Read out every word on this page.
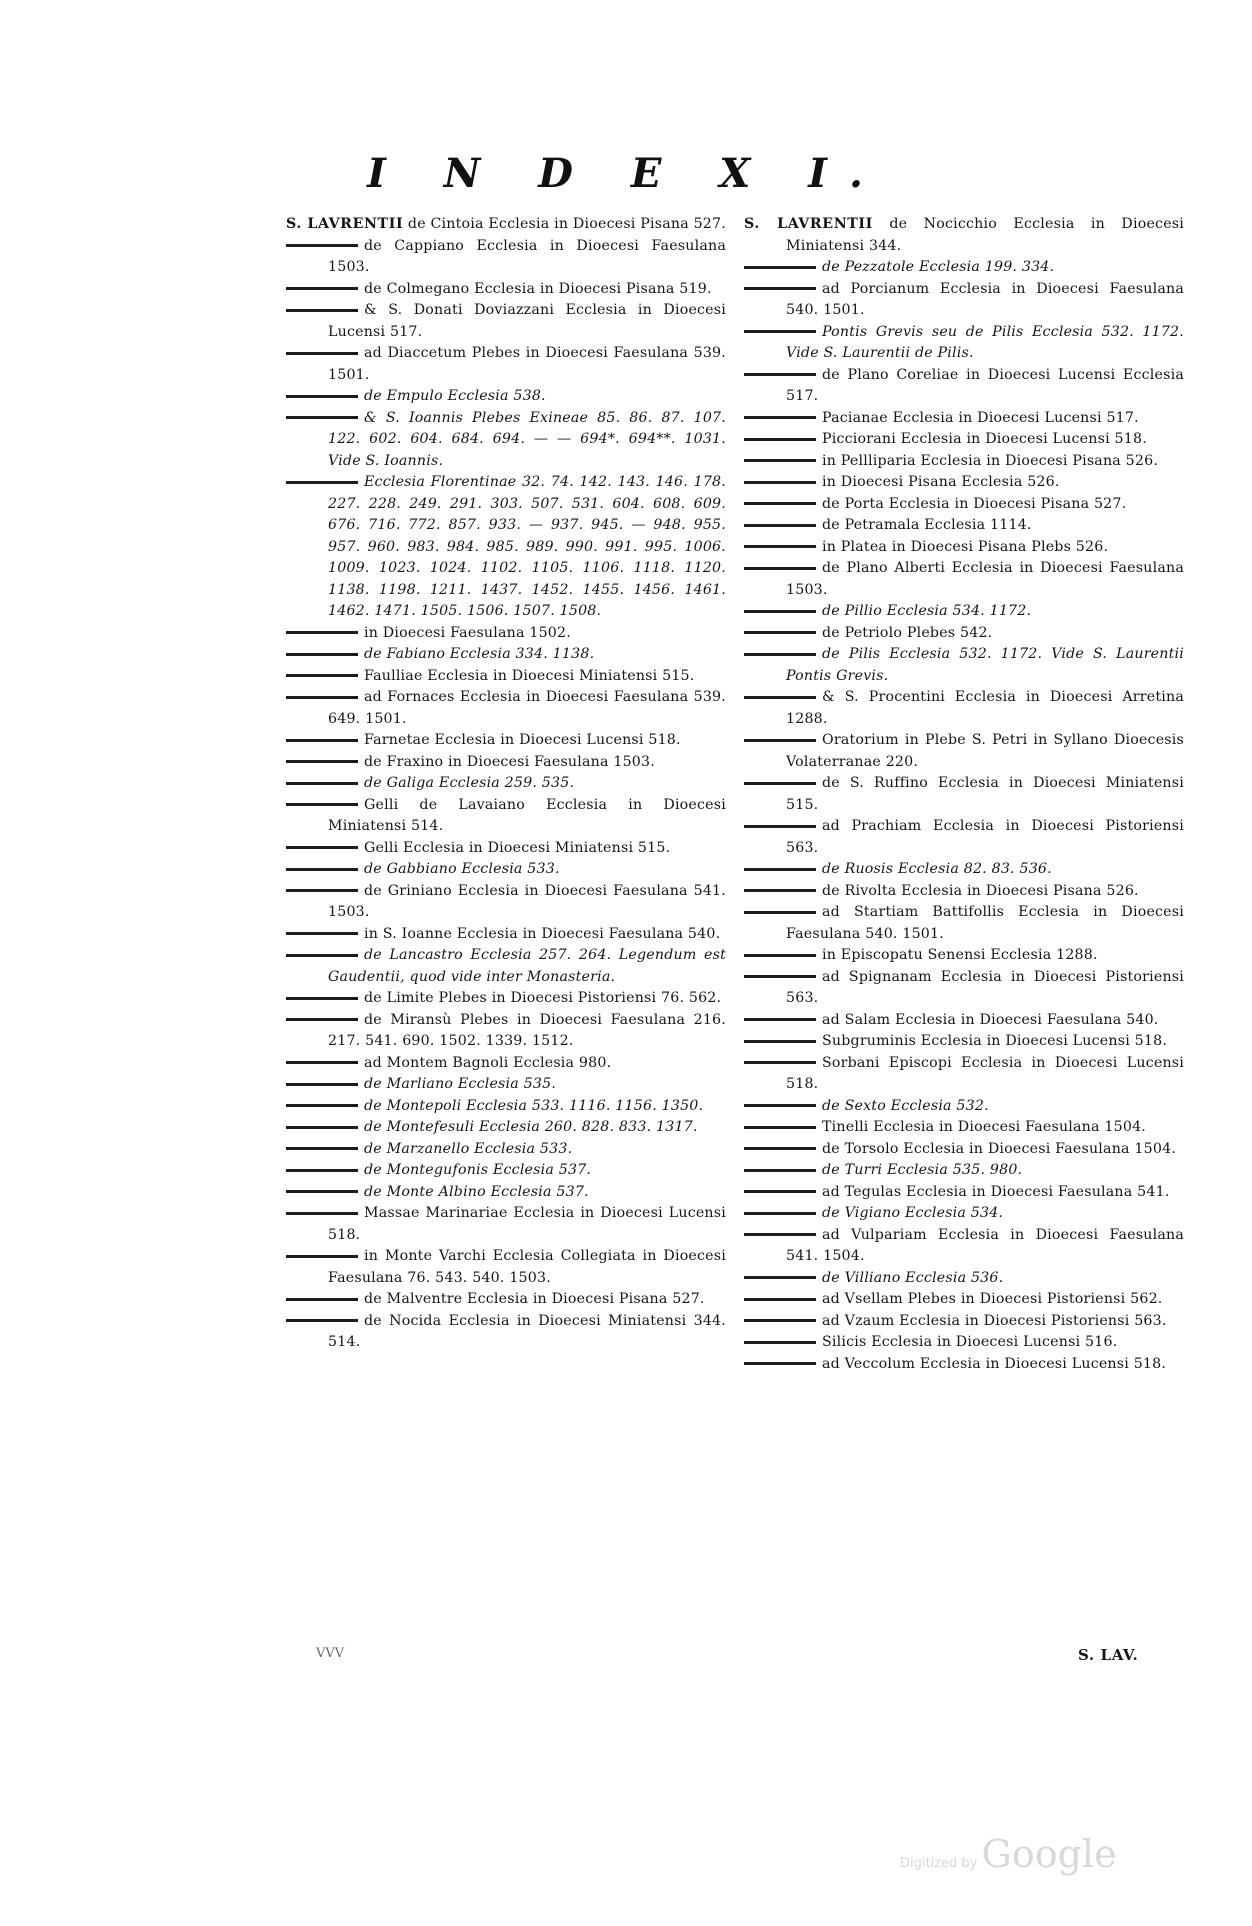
I N D E X I.

S. LAVRENTII de Cintoia Ecclesia in Dioecesi Pisana 527.

de Cappiano Ecclesia in Dioecesi Faesulana 1503.

de Colmegano Ecclesia in Dioecesi Pisana 519.

& S. Donati Doviazzani Ecclesia in Dioecesi Lucensi 517.

ad Diaccetum Plebes in Dioecesi Faesulana 539. 1501.

de Empulo Ecclesia 538.

& S. Ioannis Plebes Exineae 85. 86. 87. 107. 122. 602. 604. 684. 694. — — 694*. 694**. 1031. Vide S. Ioannis.

Ecclesia Florentinae 32. 74. 142. 143. 146. 178. 227. 228. 249. 291. 303. 507. 531. 604. 608. 609. 676. 716. 772. 857. 933. — 937. 945. — 948. 955. 957. 960. 983. 984. 985. 989. 990. 991. 995. 1006. 1009. 1023. 1024. 1102. 1105. 1106. 1118. 1120. 1138. 1198. 1211. 1437. 1452. 1455. 1456. 1461. 1462. 1471. 1505. 1506. 1507. 1508.

in Dioecesi Faesulana 1502.

de Fabiano Ecclesia 334. 1138.

Faulliae Ecclesia in Dioecesi Miniatensi 515.

ad Fornaces Ecclesia in Dioecesi Faesulana 539. 649. 1501.

Farnetae Ecclesia in Dioecesi Lucensi 518.

de Fraxino in Dioecesi Faesulana 1503.

de Galiga Ecclesia 259. 535.

Gelli de Lavaiano Ecclesia in Dioecesi Miniatensi 514.

Gelli Ecclesia in Dioecesi Miniatensi 515.

de Gabbiano Ecclesia 533.

de Griniano Ecclesia in Dioecesi Faesulana 541. 1503.

in S. Ioanne Ecclesia in Dioecesi Faesulana 540.

de Lancastro Ecclesia 257. 264. Legendum est Gaudentii, quod vide inter Monasteria.

de Limite Plebes in Dioecesi Pistoriensi 76. 562.

de Miransù Plebes in Dioecesi Faesulana 216. 217. 541. 690. 1502. 1339. 1512.

ad Montem Bagnoli Ecclesia 980.

de Marliano Ecclesia 535.

de Montepoli Ecclesia 533. 1116. 1156. 1350.

de Montefesuli Ecclesia 260. 828. 833. 1317.

de Marzanello Ecclesia 533.

de Montegufonis Ecclesia 537.

de Monte Albino Ecclesia 537.

Massae Marinariae Ecclesia in Dioecesi Lucensi 518.

in Monte Varchi Ecclesia Collegiata in Dioecesi Faesulana 76. 543. 540. 1503.

de Malventre Ecclesia in Dioecesi Pisana 527.

de Nocida Ecclesia in Dioecesi Miniatensi 344. 514.

S. LAVRENTII de Nocicchio Ecclesia in Dioecesi Miniatensi 344.

de Pezzatole Ecclesia 199. 334.

ad Porcianum Ecclesia in Dioecesi Faesulana 540. 1501.

Pontis Grevis seu de Pilis Ecclesia 532. 1172. Vide S. Laurentii de Pilis.

de Plano Coreliae in Dioecesi Lucensi Ecclesia 517.

Pacianae Ecclesia in Dioecesi Lucensi 517.

Picciorani Ecclesia in Dioecesi Lucensi 518.

in Pellliparia Ecclesia in Dioecesi Pisana 526.

in Dioecesi Pisana Ecclesia 526.

de Porta Ecclesia in Dioecesi Pisana 527.

de Petramala Ecclesia 1114.

in Platea in Dioecesi Pisana Plebs 526.

de Plano Alberti Ecclesia in Dioecesi Faesulana 1503.

de Pillio Ecclesia 534. 1172.

de Petriolo Plebes 542.

de Pilis Ecclesia 532. 1172. Vide S. Laurentii Pontis Grevis.

& S. Procentini Ecclesia in Dioecesi Arretina 1288.

Oratorium in Plebe S. Petri in Syllano Dioecesis Volaterranae 220.

de S. Ruffino Ecclesia in Dioecesi Miniatensi 515.

ad Prachiam Ecclesia in Dioecesi Pistoriensi 563.

de Ruosis Ecclesia 82. 83. 536.

de Rivolta Ecclesia in Dioecesi Pisana 526.

ad Startiam Battifollis Ecclesia in Dioecesi Faesulana 540. 1501.

in Episcopatu Senensi Ecclesia 1288.

ad Spignanam Ecclesia in Dioecesi Pistoriensi 563.

ad Salam Ecclesia in Dioecesi Faesulana 540.

Subgruminis Ecclesia in Dioecesi Lucensi 518.

Sorbani Episcopi Ecclesia in Dioecesi Lucensi 518.

de Sexto Ecclesia 532.

Tinelli Ecclesia in Dioecesi Faesulana 1504.

de Torsolo Ecclesia in Dioecesi Faesulana 1504.

de Turri Ecclesia 535. 980.

ad Tegulas Ecclesia in Dioecesi Faesulana 541.

de Vigiano Ecclesia 534.

ad Vulpariam Ecclesia in Dioecesi Faesulana 541. 1504.

de Villiano Ecclesia 536.

ad Vsellam Plebes in Dioecesi Pistoriensi 562.

ad Vzaum Ecclesia in Dioecesi Pistoriensi 563.

Silicis Ecclesia in Dioecesi Lucensi 516.

ad Veccolum Ecclesia in Dioecesi Lucensi 518.

VVV	S. LAV.
Digitized by Google
